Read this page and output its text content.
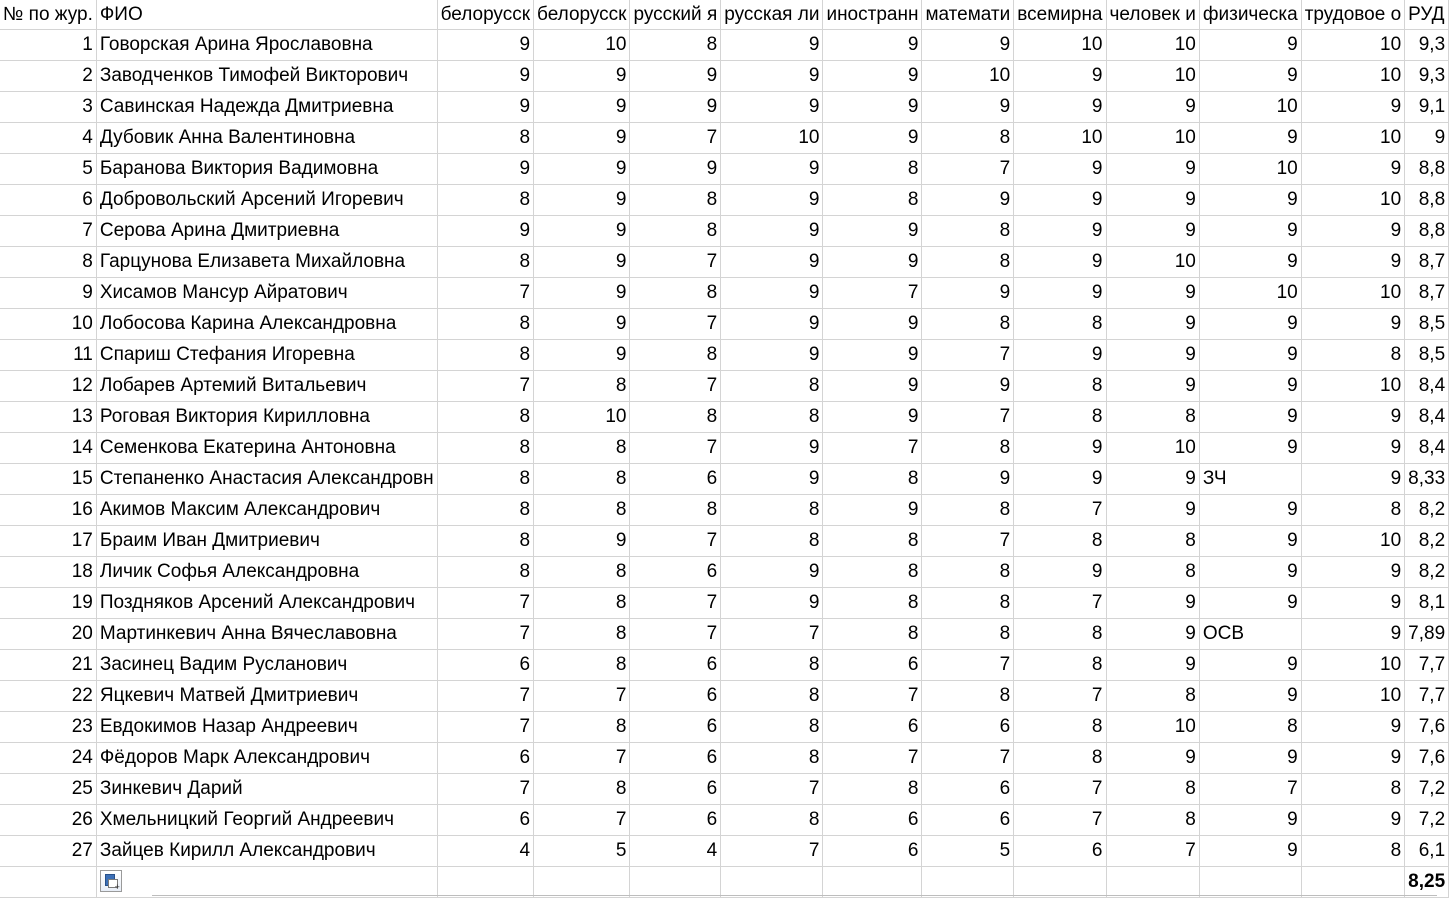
№ по жур.	ФИО	белорусск	белорусск	русский я	русская ли	иностранн	математи	всемирна	человек и	физическа	трудовое о	РУД
1	Говорская Арина Ярославовна	9	10	8	9	9	9	10	10	9	10	9,3
2	Заводченков Тимофей Викторович	9	9	9	9	9	10	9	10	9	10	9,3
3	Савинская Надежда Дмитриевна	9	9	9	9	9	9	9	9	10	9	9,1
4	Дубовик Анна Валентиновна	8	9	7	10	9	8	10	10	9	10	9
5	Баранова Виктория Вадимовна	9	9	9	9	8	7	9	9	10	9	8,8
6	Добровольский Арсений Игоревич	8	9	8	9	8	9	9	9	9	10	8,8
7	Серова Арина Дмитриевна	9	9	8	9	9	8	9	9	9	9	8,8
8	Гарцунова Елизавета Михайловна	8	9	7	9	9	8	9	10	9	9	8,7
9	Хисамов Мансур Айратович	7	9	8	9	7	9	9	9	10	10	8,7
10	Лобосова Карина Александровна	8	9	7	9	9	8	8	9	9	9	8,5
11	Спариш Стефания Игоревна	8	9	8	9	9	7	9	9	9	8	8,5
12	Лобарев Артемий Витальевич	7	8	7	8	9	9	8	9	9	10	8,4
13	Роговая Виктория Кирилловна	8	10	8	8	9	7	8	8	9	9	8,4
14	Семенкова Екатерина Антоновна	8	8	7	9	7	8	9	10	9	9	8,4
15	Степаненко Анастасия Александровн	8	8	6	9	8	9	9	9	ЗЧ	9	8,33
16	Акимов Максим Александрович	8	8	8	8	9	8	7	9	9	8	8,2
17	Браим Иван Дмитриевич	8	9	7	8	8	7	8	8	9	10	8,2
18	Личик Софья Александровна	8	8	6	9	8	8	9	8	9	9	8,2
19	Поздняков Арсений Александрович	7	8	7	9	8	8	7	9	9	9	8,1
20	Мартинкевич Анна Вячеславовна	7	8	7	7	8	8	8	9	ОСВ	9	7,89
21	Засинец Вадим Русланович	6	8	6	8	6	7	8	9	9	10	7,7
22	Яцкевич Матвей Дмитриевич	7	7	6	8	7	8	7	8	9	10	7,7
23	Евдокимов Назар Андреевич	7	8	6	8	6	6	8	10	8	9	7,6
24	Фёдоров Марк Александрович	6	7	6	8	7	7	8	9	9	9	7,6
25	Зинкевич Дарий	7	8	6	7	8	6	7	8	7	8	7,2
26	Хмельницкий Георгий Андреевич	6	7	6	8	6	6	7	8	9	9	7,2
27	Зайцев Кирилл Александрович	4	5	4	7	6	5	6	7	9	8	6,1

	+											8,25
